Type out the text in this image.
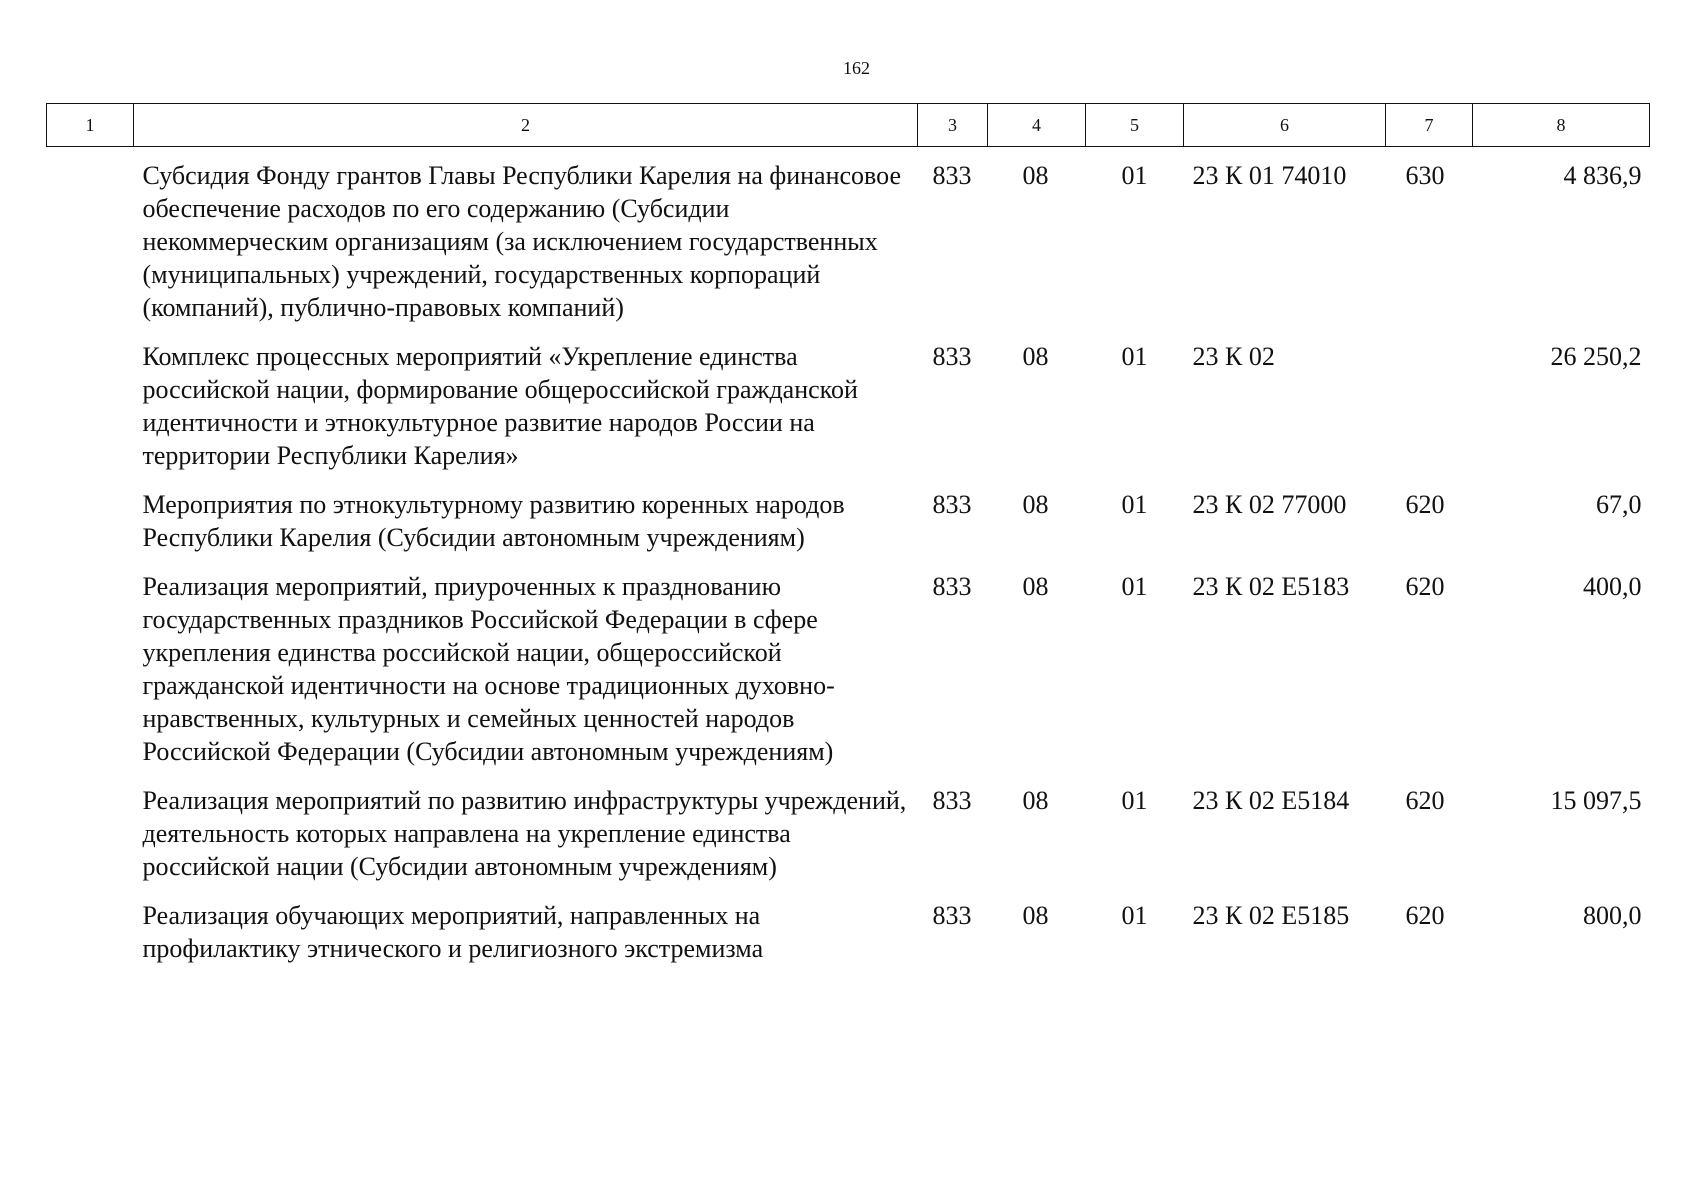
162
1	2	3	4	5	6	7	8
	Субсидия Фонду грантов Главы Республики Карелия на финансовое обеспечение расходов по его содержанию (Субсидии некоммерческим организациям (за исключением государственных (муниципальных) учреждений, государственных корпораций (компаний), публично-правовых компаний)	833	08	01	23 К 01 74010	630	4 836,9
	Комплекс процессных мероприятий «Укрепление единства российской нации, формирование общероссийской гражданской идентичности и этнокультурное развитие народов России на территории Республики Карелия»	833	08	01	23 К 02		26 250,2
	Мероприятия по этнокультурному развитию коренных народов Республики Карелия (Субсидии автономным учреждениям)	833	08	01	23 К 02 77000	620	67,0
	Реализация мероприятий, приуроченных к празднованию государственных праздников Российской Федерации в сфере укрепления единства российской нации, общероссийской гражданской идентичности на основе традиционных духовно-нравственных, культурных и семейных ценностей народов Российской Федерации (Субсидии автономным учреждениям)	833	08	01	23 К 02 E5183	620	400,0
	Реализация мероприятий по развитию инфраструктуры учреждений, деятельность которых направлена на укрепление единства российской нации (Субсидии автономным учреждениям)	833	08	01	23 К 02 E5184	620	15 097,5
	Реализация обучающих мероприятий, направленных на профилактику этнического и религиозного экстремизма	833	08	01	23 К 02 E5185	620	800,0
